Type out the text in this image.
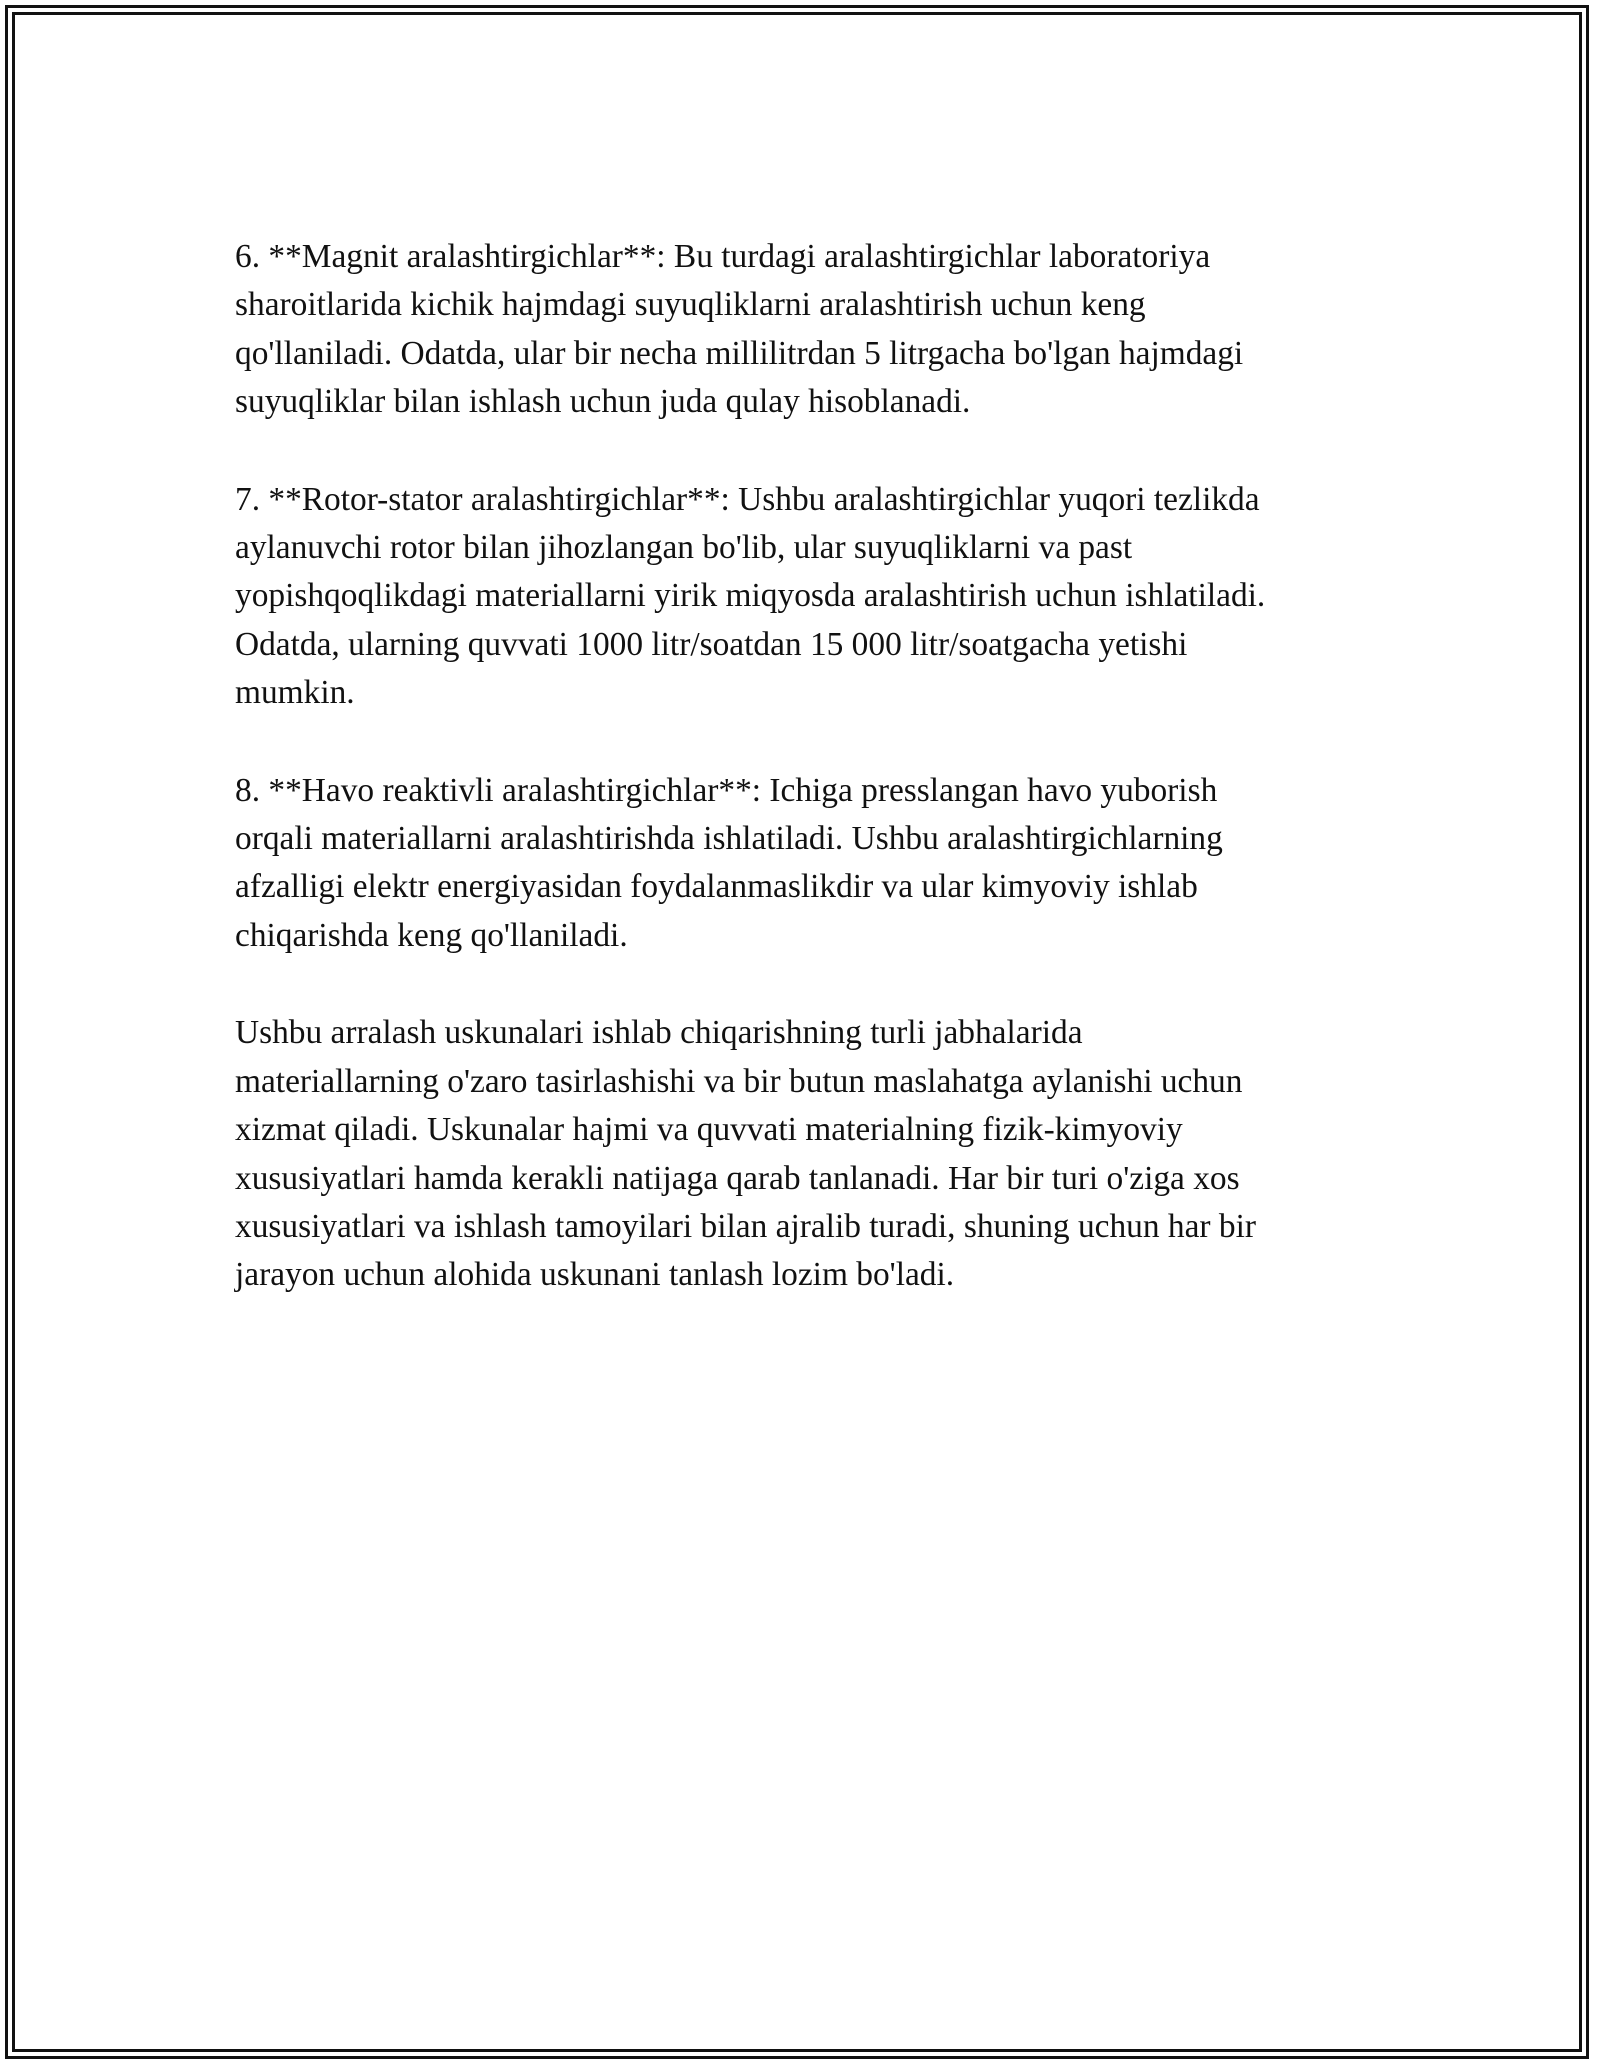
6. **Magnit aralashtirgichlar**: Bu turdagi aralashtirgichlar laboratoriya
sharoitlarida kichik hajmdagi suyuqliklarni aralashtirish uchun keng
qo'llaniladi. Odatda, ular bir necha millilitrdan 5 litrgacha bo'lgan hajmdagi
suyuqliklar bilan ishlash uchun juda qulay hisoblanadi.

7. **Rotor-stator aralashtirgichlar**: Ushbu aralashtirgichlar yuqori tezlikda
aylanuvchi rotor bilan jihozlangan bo'lib, ular suyuqliklarni va past
yopishqoqlikdagi materiallarni yirik miqyosda aralashtirish uchun ishlatiladi.
Odatda, ularning quvvati 1000 litr/soatdan 15 000 litr/soatgacha yetishi
mumkin.

8. **Havo reaktivli aralashtirgichlar**: Ichiga presslangan havo yuborish
orqali materiallarni aralashtirishda ishlatiladi. Ushbu aralashtirgichlarning
afzalligi elektr energiyasidan foydalanmaslikdir va ular kimyoviy ishlab
chiqarishda keng qo'llaniladi.

Ushbu arralash uskunalari ishlab chiqarishning turli jabhalarida
materiallarning o'zaro tasirlashishi va bir butun maslahatga aylanishi uchun
xizmat qiladi. Uskunalar hajmi va quvvati materialning fizik-kimyoviy
xususiyatlari hamda kerakli natijaga qarab tanlanadi. Har bir turi o'ziga xos
xususiyatlari va ishlash tamoyilari bilan ajralib turadi, shuning uchun har bir
jarayon uchun alohida uskunani tanlash lozim bo'ladi.
